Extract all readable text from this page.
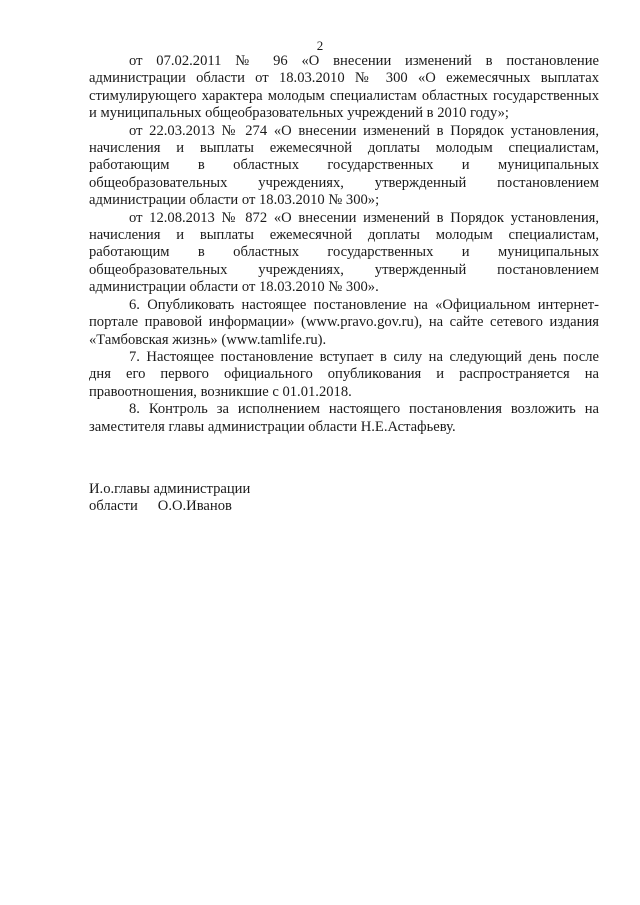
2

от 07.02.2011 № 96 «О внесении изменений в постановление администрации области от 18.03.2010 № 300 «О ежемесячных выплатах стимулирующего характера молодым специалистам областных государственных и муниципальных общеобразовательных учреждений в 2010 году»;

от 22.03.2013 № 274 «О внесении изменений в Порядок установления, начисления и выплаты ежемесячной доплаты молодым специалистам, работающим в областных государственных и муниципальных общеобразовательных учреждениях, утвержденный постановлением администрации области от 18.03.2010 № 300»;

от 12.08.2013 № 872 «О внесении изменений в Порядок установления, начисления и выплаты ежемесячной доплаты молодым специалистам, работающим в областных государственных и муниципальных общеобразовательных учреждениях, утвержденный постановлением администрации области от 18.03.2010 № 300».

6. Опубликовать настоящее постановление на «Официальном интернет-портале правовой информации» (www.pravo.gov.ru), на сайте сетевого издания «Тамбовская жизнь» (www.tamlife.ru).

7. Настоящее постановление вступает в силу на следующий день после дня его первого официального опубликования и распространяется на правоотношения, возникшие с 01.01.2018.

8. Контроль за исполнением настоящего постановления возложить на заместителя главы администрации области Н.Е.Астафьеву.

И.о.главы администрации
области О.О.Иванов
